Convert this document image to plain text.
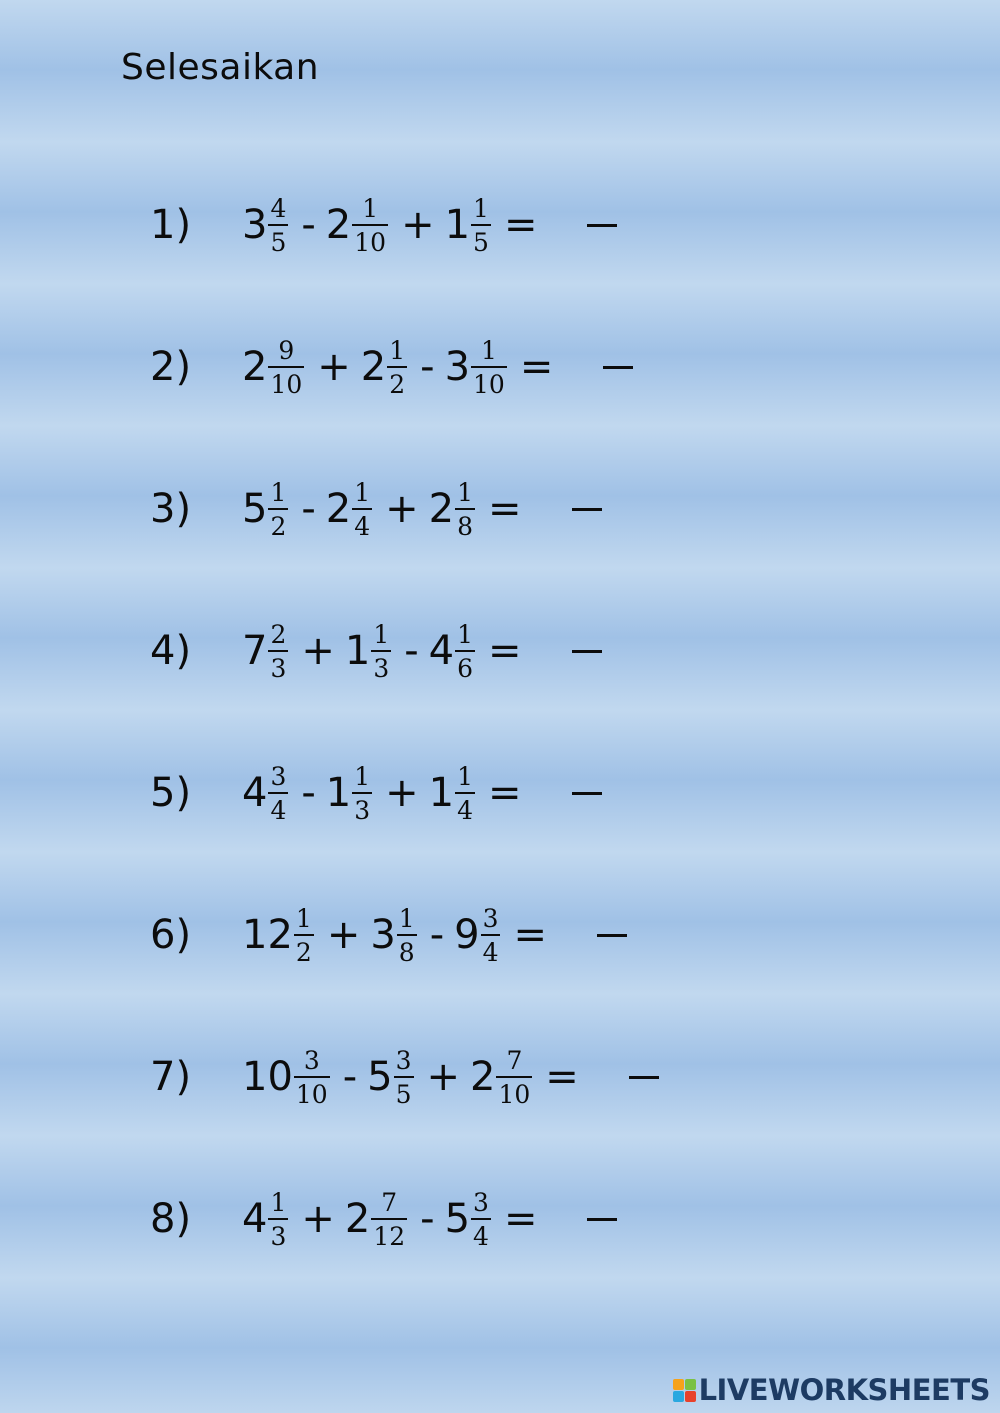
Selesaikan
1)	$3 \frac{4}{5} - 2 \frac{1}{10} + 1 \frac{1}{5}$ =
2)	$2 \frac{9}{10} + 2 \frac{1}{2} - 3 \frac{1}{10}$ =
3)	$5 \frac{1}{2} - 2 \frac{1}{4} + 2 \frac{1}{8}$ =
4)	$7 \frac{2}{3} + 1 \frac{1}{3} - 4 \frac{1}{6}$ =
5)	$4 \frac{3}{4} - 1 \frac{1}{3} + 1 \frac{1}{4}$ =
6)	$12 \frac{1}{2} + 3 \frac{1}{8} - 9 \frac{3}{4}$ =
7)	$10 \frac{3}{10} - 5 \frac{3}{5} + 2 \frac{7}{10}$ =
8)	$4 \frac{1}{3} + 2 \frac{7}{12} - 5 \frac{3}{4}$ =
LIVEWORKSHEETS
